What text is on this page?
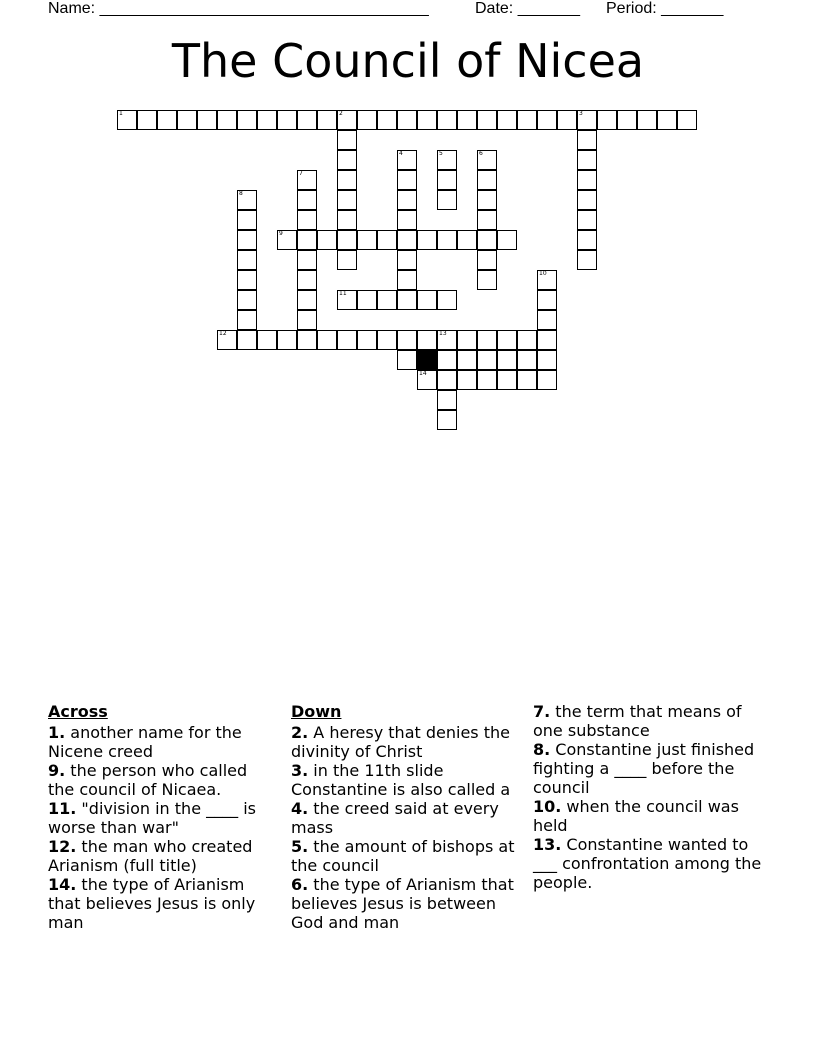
Name: _____________________________________	Date: _______ Period: _______
The Council of Nicea
1	2	3
4	5	6
7
8
9
10
11
12	13
14
Across
1. another name for the Nicene creed
9. the person who called the council of Nicaea.
11. "division in the ____ is worse than war"
12. the man who created Arianism (full title)
14. the type of Arianism that believes Jesus is only man
Down
2. A heresy that denies the divinity of Christ
3. in the 11th slide Constantine is also called a
4. the creed said at every mass
5. the amount of bishops at the council
6. the type of Arianism that believes Jesus is between God and man
7. the term that means of one substance
8. Constantine just finished fighting a ____ before the council
10. when the council was held
13. Constantine wanted to ___ confrontation among the people.
